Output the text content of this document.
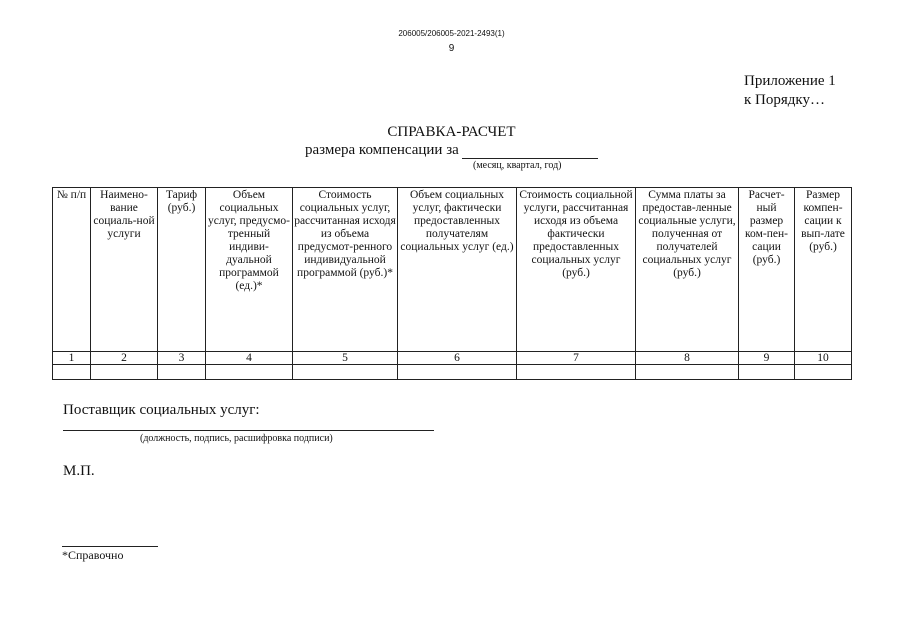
206005/206005-2021-2493(1)
9
Приложение 1
к Порядку…
СПРАВКА-РАСЧЕТ
размера компенсации за
(месяц, квартал, год)
№ п/п	Наимено-вание социаль-ной услуги	Тариф (руб.)	Объем социальных услуг, предусмо-тренный индиви-дуальной программой (ед.)*	Стоимость социальных услуг, рассчитанная исходя из объема предусмот-ренного индивидуальной программой (руб.)*	Объем социальных услуг, фактически предоставленных получателям социальных услуг (ед.)	Стоимость социальной услуги, рассчитанная исходя из объема фактически предоставленных социальных услуг (руб.)	Сумма платы за предостав-ленные социальные услуги, полученная от получателей социальных услуг (руб.)	Расчет-ный размер ком-пен-сации (руб.)	Размер компен-сации к вып-лате (руб.)
1	2	3	4	5	6	7	8	9	10

Поставщик социальных услуг:
(должность, подпись, расшифровка подписи)
М.П.
*Справочно
